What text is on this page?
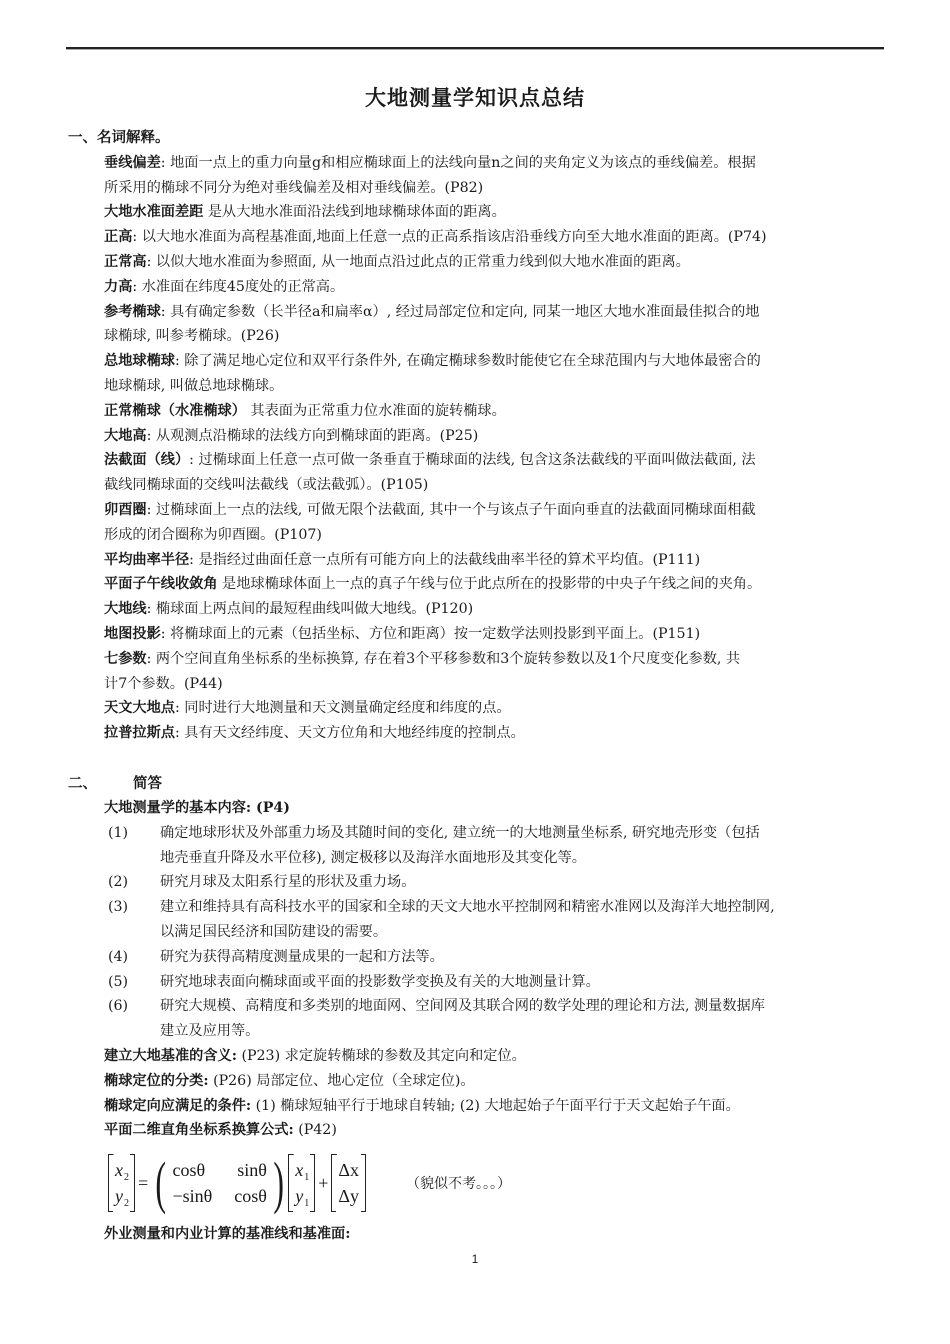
大地测量学知识点总结
一、名词解释。
垂线偏差: 地面一点上的重力向量g和相应椭球面上的法线向量n之间的夹角定义为该点的垂线偏差。根据
所采用的椭球不同分为绝对垂线偏差及相对垂线偏差。(P82)
大地水准面差距 是从大地水准面沿法线到地球椭球体面的距离。
正高: 以大地水准面为高程基准面,地面上任意一点的正高系指该店沿垂线方向至大地水准面的距离。(P74)
正常高: 以似大地水准面为参照面, 从一地面点沿过此点的正常重力线到似大地水准面的距离。
力高: 水准面在纬度45度处的正常高。
参考椭球: 具有确定参数（长半径a和扁率α）, 经过局部定位和定向, 同某一地区大地水准面最佳拟合的地
球椭球, 叫参考椭球。(P26)
总地球椭球: 除了满足地心定位和双平行条件外, 在确定椭球参数时能使它在全球范围内与大地体最密合的
地球椭球, 叫做总地球椭球。
正常椭球（水准椭球） 其表面为正常重力位水准面的旋转椭球。
大地高: 从观测点沿椭球的法线方向到椭球面的距离。(P25)
法截面（线）: 过椭球面上任意一点可做一条垂直于椭球面的法线, 包含这条法截线的平面叫做法截面, 法
截线同椭球面的交线叫法截线（或法截弧）。(P105)
卯酉圈: 过椭球面上一点的法线, 可做无限个法截面, 其中一个与该点子午面向垂直的法截面同椭球面相截
形成的闭合圈称为卯酉圈。(P107)
平均曲率半径: 是指经过曲面任意一点所有可能方向上的法截线曲率半径的算术平均值。(P111)
平面子午线收敛角 是地球椭球体面上一点的真子午线与位于此点所在的投影带的中央子午线之间的夹角。
大地线: 椭球面上两点间的最短程曲线叫做大地线。(P120)
地图投影: 将椭球面上的元素（包括坐标、方位和距离）按一定数学法则投影到平面上。(P151)
七参数: 两个空间直角坐标系的坐标换算, 存在着3个平移参数和3个旋转参数以及1个尺度变化参数, 共
计7个参数。(P44)
天文大地点: 同时进行大地测量和天文测量确定经度和纬度的点。
拉普拉斯点: 具有天文经纬度、天文方位角和大地经纬度的控制点。
二、 简答
大地测量学的基本内容: (P4)
(1) 确定地球形状及外部重力场及其随时间的变化, 建立统一的大地测量坐标系, 研究地壳形变（包括
地壳垂直升降及水平位移), 测定极移以及海洋水面地形及其变化等。
(2) 研究月球及太阳系行星的形状及重力场。
(3) 建立和维持具有高科技水平的国家和全球的天文大地水平控制网和精密水准网以及海洋大地控制网,
以满足国民经济和国防建设的需要。
(4) 研究为获得高精度测量成果的一起和方法等。
(5) 研究地球表面向椭球面或平面的投影数学变换及有关的大地测量计算。
(6) 研究大规模、高精度和多类别的地面网、空间网及其联合网的数学处理的理论和方法, 测量数据库
建立及应用等。
建立大地基准的含义: (P23) 求定旋转椭球的参数及其定向和定位。
椭球定位的分类: (P26) 局部定位、地心定位（全球定位)。
椭球定向应满足的条件: (1) 椭球短轴平行于地球自转轴; (2) 大地起始子午面平行于天文起始子午面。
平面二维直角坐标系换算公式: (P42)
外业测量和内业计算的基准线和基准面:
x 2
y 2
= ( cosθ sinθ
−sinθ cosθ ) x 1
y 1
+
Δx
Δy
（貌似不考。。。）
1
